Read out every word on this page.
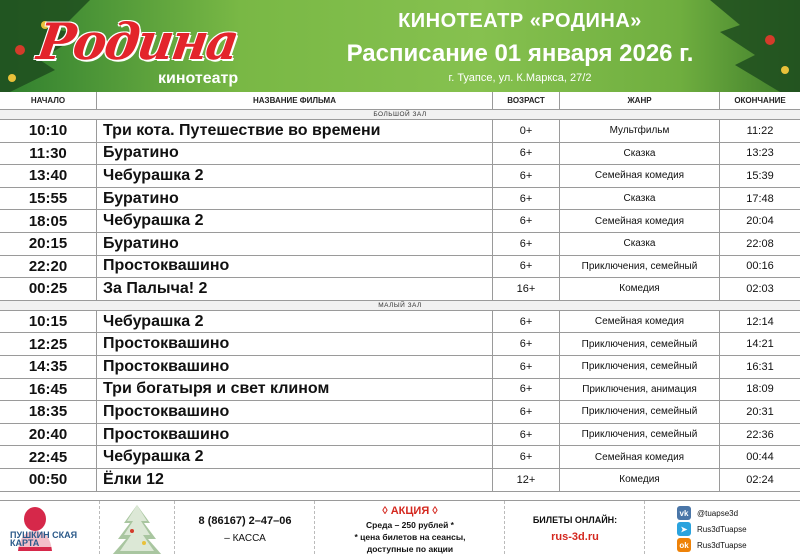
Родина
кинотеатр
КИНОТЕАТР «РОДИНА»
Расписание 01 января 2026 г.
г. Туапсе, ул. К.Маркса, 27/2
НАЧАЛО	НАЗВАНИЕ ФИЛЬМА	ВОЗРАСТ	ЖАНР	ОКОНЧАНИЕ
БОЛЬШОЙ ЗАЛ
10:10	Три кота. Путешествие во времени	0+	Мультфильм	11:22
11:30	Буратино	6+	Сказка	13:23
13:40	Чебурашка 2	6+	Семейная комедия	15:39
15:55	Буратино	6+	Сказка	17:48
18:05	Чебурашка 2	6+	Семейная комедия	20:04
20:15	Буратино	6+	Сказка	22:08
22:20	Простоквашино	6+	Приключения, семейный	00:16
00:25	За Палыча! 2	16+	Комедия	02:03
МАЛЫЙ ЗАЛ
10:15	Чебурашка 2	6+	Семейная комедия	12:14
12:25	Простоквашино	6+	Приключения, семейный	14:21
14:35	Простоквашино	6+	Приключения, семейный	16:31
16:45	Три богатыря и свет клином	6+	Приключения, анимация	18:09
18:35	Простоквашино	6+	Приключения, семейный	20:31
20:40	Простоквашино	6+	Приключения, семейный	22:36
22:45	Чебурашка 2	6+	Семейная комедия	00:44
00:50	Ёлки 12	12+	Комедия	02:24
ПУШКИН СКАЯ КАРТА
8 (86167) 2–47–06
– КАССА
◊ АКЦИЯ ◊
Среда – 250 рублей *
* цена билетов на сеансы,
доступные по акции
БИЛЕТЫ ОНЛАЙН:
rus-3d.ru
vk	@tuapse3d
➤	Rus3dTuapse
ok Rus3dTuapse
